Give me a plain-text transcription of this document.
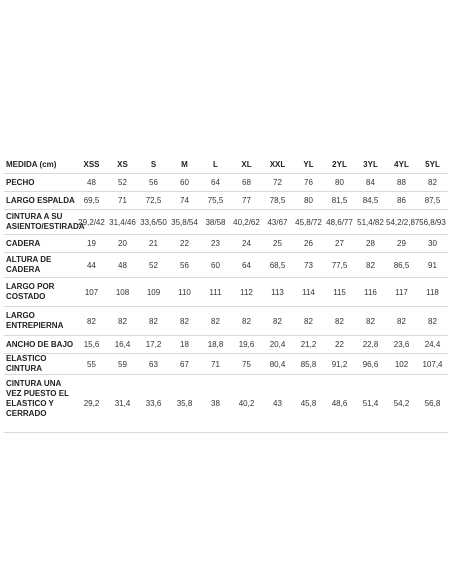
MEDIDA (cm)	XSS	XS	S	M	L	XL	XXL	YL	2YL	3YL	4YL	5YL
PECHO	48	52	56	60	64	68	72	76	80	84	88	82
LARGO ESPALDA	69,5	71	72,5	74	75,5	77	78,5	80	81,5	84,5	86	87,5
CINTURA A SU ASIENTO/ESTIRADA	29,2/42	31,4/46	33,6/50	35,8/54	38/58	40,2/62	43/67	45,8/72	48,6/77	51,4/82	54,2/2,87	56,8/93
CADERA	19	20	21	22	23	24	25	26	27	28	29	30
ALTURA DE CADERA	44	48	52	56	60	64	68,5	73	77,5	82	86,5	91
LARGO POR COSTADO	107	108	109	110	111	112	113	114	115	116	117	118
LARGO ENTREPIERNA	82	82	82	82	82	82	82	82	82	82	82	82
ANCHO DE BAJO	15,6	16,4	17,2	18	18,8	19,6	20,4	21,2	22	22,8	23,6	24,4
ELASTICO CINTURA	55	59	63	67	71	75	80,4	85,8	91,2	96,6	102	107,4
CINTURA UNA VEZ PUESTO EL ELASTICO Y CERRADO	29,2	31,4	33,6	35,8	38	40,2	43	45,8	48,6	51,4	54,2	56,8
